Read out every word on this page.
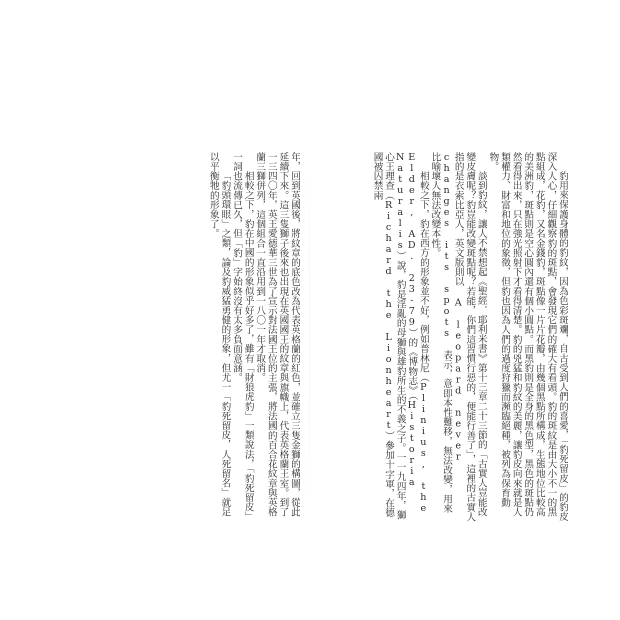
年，回到英國後，將紋章的底色改為代表英格蘭的紅色，並確立三隻金獅的構圖，從此延續下來。這三隻獅子後來也出現在英國國王的紋章與旗幟上，代表英格蘭王室。到了一三四〇年，英王愛德華三世為了宣示對法國王位的主張，將法國的百合花紋章與英格蘭三獅併列，這個組合一直沿用到一八〇一年才取消。

相較之下，豹在中國的形象似乎好多了，雖有「財狼虎豹」一類說法，「豹死留皮」一詞也流傳已久，但「豹」字始終沒有太多負面意涵。

「豹頭環眼」之類，論及豹威猛勇健的形象，但尤一「豹死留皮，人死留名」就足以平衡牠的形象了。	豹用來保護身體的豹紋，因為色彩斑斕，自古受到人們的喜愛，「豹死留皮」的豹皮深入人心，仔細觀察豹的斑點，會發現它們的確大有看頭。豹的斑紋是由大小不一的黑點組成，花豹，又名金錢豹，斑點像一片片花瓣，由幾個黑點所構成，生態地位比較高的美洲豹，斑點則是空心圓內還有個小圓點。而黑豹則是全身的黑色型，黑色的斑點仍然看得出來，只在強光照射下才看得清楚。豹的兇猛和豹紋的美麗，讓豹皮向來就是人類權力、財富和地位的象徵，但豹也因為人們的過度狩獵而瀕臨絕種，被列為保育動物。

談到豹紋，讓人不禁想起《聖經．耶利米書》第十三章二十三節的「古實人豈能改變皮膚呢？豹豈能改變斑點呢？若能，你們這習慣行惡的，便能行善了」，這裡的古實人指的是衣索比亞人，英文版則以 A leopard never changes its spots 表示，意即本性難移，無法改變，用來比喻壞人無法改變本性。

相較之下，豹在西方的形象並不好，例如普林尼（Plinius, the Elder, AD. 23-79）的《博物志》（Historia Naturalis）說，豹是淫亂的母獅與雄豹所生的不義之子。一一九四年，獅心王理查（Richard the Lionheart）參加十字軍，在德國被囚禁兩
